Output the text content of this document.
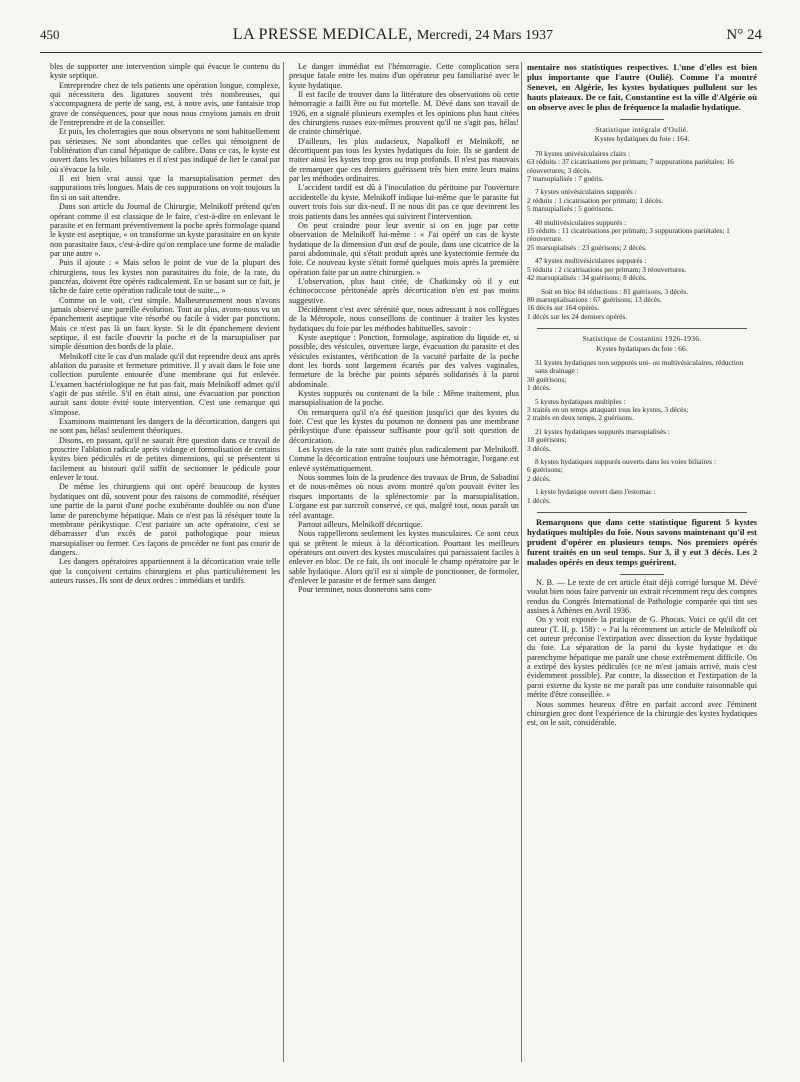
450	LA PRESSE MEDICALE, Mercredi, 24 Mars 1937	N° 24

bles de supporter une intervention simple qui évacue le contenu du kyste septique.

Entreprendre chez de tels patients une opération longue, complexe, qui nécessitera des ligatures souvent très nombreuses, qui s'accompagnera de perte de sang, est, à notre avis, une fantaisie trop grave de conséquences, pour que nous nous croyions jamais en droit de l'entreprendre et de la conseiller.

Et puis, les cholerragies que nous observons ne sont habituellement pas sérieuses. Ne sont abondantes que celles qui témoignent de l'oblitération d'un canal hépatique de calibre. Dans ce cas, le kyste est ouvert dans les voies biliaires et il n'est pas indiqué de lier le canal par où s'évacue la bile.

Il est bien vrai aussi que la marsupialisation permet des suppurations très longues. Mais de ces suppurations on voit toujours la fin si on sait attendre.

Dans son article du Journal de Chirurgie, Melnikoff prétend qu'en opérant comme il est classique de le faire, c'est-à-dire en enlevant le parasite et en fermant préventivement la poche après formolage quand le kyste est aseptique, « on transforme un kyste parasitaire en un kyste non parasitaire faux, c'est-à-dire qu'on remplace une forme de maladie par une autre ».

Puis il ajoute : « Mais selon le point de vue de la plupart des chirurgiens, tous les kystes non parasitaires du foie, de la rate, du pancréas, doivent être opérés radicalement. En se basant sur ce fait, je tâche de faire cette opération radicale tout de suite... »

Comme on le voit, c'est simple. Malheureusement nous n'avons jamais observé une pareille évolution. Tout au plus, avons-nous vu un épanchement aseptique vite résorbé ou facile à vider par ponctions. Mais ce n'est pas là un faux kyste. Si le dit épanchement devient septique, il est facile d'ouvrir la poche et de la marsupialiser par simple désunion des bords de la plaie.

Melnikoff cite le cas d'un malade qu'il dut reprendre deux ans après ablation du parasite et fermeture primitive. Il y avait dans le foie une collection purulente entourée d'une membrane qui fut enlevée. L'examen bactériologique ne fut pas fait, mais Melnikoff admet qu'il s'agit de pus stérile. S'il en était ainsi, une évacuation par ponction aurait sans doute évité toute intervention. C'est une remarque qui s'impose.

Examinons maintenant les dangers de la décortication, dangers qui ne sont pas, hélas! seulement théoriques.

Disons, en passant, qu'il ne saurait être question dans ce travail de proscrire l'ablation radicale après vidange et formolisation de certains kystes bien pédiculés et de petites dimensions, qui se présentent si facilement au bistouri qu'il suffit de sectionner le pédicule pour enlever le tout.

De même les chirurgiens qui ont opéré beaucoup de kystes hydatiques ont dû, souvent pour des raisons de commodité, réséquer une partie de la paroi d'une poche exubérante doublée ou non d'une lame de parenchyme hépatique. Mais ce n'est pas là réséquer toute la membrane périkystique. C'est pariaire un acte opératoire, c'est se débarrasser d'un excès de paroi pathologique pour mieux marsupialiser ou fermer. Ces façons de procéder ne font pas courir de dangers.

Les dangers opératoires appartiennent à la décortication vraie telle que la conçoivent certains chirurgiens et plus particulièrement les auteurs russes. Ils sont de deux ordres : immédiats et tardifs.

Le danger immédiat est l'hémorragie. Cette complication sera presque fatale entre les mains d'un opérateur peu familiarisé avec le kyste hydatique.

Il est facile de trouver dans la littérature des observations où cette hémorragie a failli être ou fut mortelle. M. Dévé dans son travail de 1926, en a signalé plusieurs exemples et les opinions plus haut citées des chirurgiens russes eux-mêmes prouvent qu'il ne s'agit pas, hélas! de crainte chimérique.

D'ailleurs, les plus audacieux, Napalkoff et Melnikoff, ne décortiquent pas tous les kystes hydatiques du foie. Ils se gardent de traiter ainsi les kystes trop gros ou trop profonds. Il n'est pas mauvais de remarquer que ces derniers guérissent très bien entre leurs mains par les méthodes ordinaires.

L'accident tardif est dû à l'inoculation du péritoine par l'ouverture accidentelle du kyste. Melnikoff indique lui-même que le parasite fut ouvert trois fois sur dix-neuf. Il ne nous dit pas ce que devinrent les trois patients dans les années qui suivirent l'intervention.

On peut craindre pour leur avenir si on en juge par cette observation de Melnikoff lui-même : « J'ai opéré un cas de kyste hydatique de la dimension d'un œuf de poule, dans une cicatrice de la paroi abdominale, qui s'était produit après une kystectomie fermée du foie. Ce nouveau kyste s'était formé quelques mois après la première opération faite par un autre chirurgien. »

L'observation, plus haut citée, de Chatkinsky où il y eut échinococcose péritonéale après décortication n'en est pas moins suggestive.

Décidément c'est avec sérénité que, nous adressant à nos collègues de la Métropole, nous conseillons de continuer à traiter les kystes hydatiques du foie par les méthodes habituelles, savoir :

Kyste aseptique : Ponction, formolage, aspiration du liquide et, si possible, des vésicules, ouverture large, évacuation du parasite et des vésicules existantes, vérification de la vacuité parfaite de la poche dont les bords sont largement écartés par des valves vaginales, fermeture de la brèche par points séparés solidarisés à la paroi abdominale.

Kystes suppurés ou contenant de la bile : Même traitement, plus marsupialisation de la poche.

On remarquera qu'il n'a été question jusqu'ici que des kystes du foie. C'est que les kystes du poumon ne donnent pas une membrane périkystique d'une épaisseur suffisante pour qu'il soit question de décortication.

Les kystes de la rate sont traités plus radicalement par Melnikoff. Comme la décortication entraîne toujours une hémorragie, l'organe est enlevé systématiquement.

Nous sommes loin de la prudence des travaux de Brun, de Sabadini et de nous-mêmes où nous avons montré qu'on pouvait éviter les risques importants de la splénectomie par la marsupialisation. L'organe est par surcroît conservé, ce qui, malgré tout, nous paraît un réel avantage.

Partout ailleurs, Melnikoff décortique.

Nous rappellerons seulement les kystes musculaires. Ce sont ceux qui se prêtent le mieux à la décortication. Pourtant les meilleurs opérateurs ont ouvert des kystes musculaires qui paraissaient faciles à enlever en bloc. De ce fait, ils ont inoculé le champ opératoire par le sable hydatique. Alors qu'il est si simple de ponctionner, de formoler, d'enlever le parasite et de fermer sans danger.

Pour terminer, nous donnerons sans com-

mentaire nos statistiques respectives. L'une d'elles est bien plus importante que l'autre (Oulié). Comme l'a montré Senevet, en Algérie, les kystes hydatiques pullulent sur les hauts plateaux. De ce fait, Constantine est la ville d'Algérie où on observe avec le plus de fréquence la maladie hydatique.

Statistique intégrale d'Oulié.

Kystes hydatiques du foie : 164.

70 kystes univésiculaires clairs :

63 réduits : 37 cicatrisations per primam; 7 suppurations pariétales; 16 réouvertures; 3 décès.

7 marsupialisés : 7 guéris.

7 kystes univésiculaires suppurés :

2 réduits : 1 cicatrisation per primam; 1 décès.

5 marsupialisés : 5 guérisons.

40 multivésiculaires suppurés :

15 réduits : 11 cicatrisations per primam; 3 suppurations pariétales; 1 réouverture.

25 marsupialisés : 23 guérisons; 2 décès.

47 kystes multivésiculaires suppurés :

5 réduits : 2 cicatrisations per primam; 3 réouvertures.

42 marsupialisés : 34 guérisons; 8 décès.

Soit en bloc 84 réductions : 81 guérisons, 3 décès.

80 marsupialisations : 67 guérisons; 13 décès.

16 décès sur 164 opérés.

1 décès sur les 24 derniers opérés.

Statistique de Costantini 1926-1936.

Kystes hydatiques du foie : 66.

31 kystes hydatiques non suppurés uni- ou multivésiculaires, réduction sans drainage :

30 guérisons;

1 décès.

5 kystes hydatiques multiples :

3 traités en un temps attaquant tous les kystes, 3 décès;

2 traités en deux temps, 2 guérisons.

21 kystes hydatiques suppurés marsupialisés :

18 guérisons;

3 décès.

8 kystes hydatiques suppurés ouverts dans les voies biliaires :

6 guérisons;

2 décès.

1 kyste hydatique ouvert dans l'estomac :

1 décès.

Remarquons que dans cette statistique figurent 5 kystes hydatiques multiples du foie. Nous savons maintenant qu'il est prudent d'opérer en plusieurs temps. Nos premiers opérés furent traités en un seul temps. Sur 3, il y eut 3 décès. Les 2 malades opérés en deux temps guérirent.

N. B. — Le texte de cet article était déjà corrigé lorsque M. Dévé voulut bien nous faire parvenir un extrait récemment reçu des comptes rendus du Congrès International de Pathologie comparée qui tint ses assises à Athènes en Avril 1936.

On y voit exposée la pratique de G. Phocas. Voici ce qu'il dit cet auteur (T. II, p. 158) : « J'ai lu récemment un article de Melnikoff où cet auteur préconise l'extirpation avec dissection du kyste hydatique du foie. La séparation de la paroi du kyste hydatique et du parenchyme hépatique me paraît une chose extrêmement difficile. On a extirpé des kystes pédiculés (ce ne m'est jamais arrivé, mais c'est évidemment possible). Par contre, la dissection et l'extirpation de la paroi externe du kyste ne me paraît pas une conduite raisonnable qui mérite d'être conseillée. »

Nous sommes heureux d'être en parfait accord avec l'éminent chirurgien grec dont l'expérience de la chirurgie des kystes hydatiques est, on le sait, considérable.
